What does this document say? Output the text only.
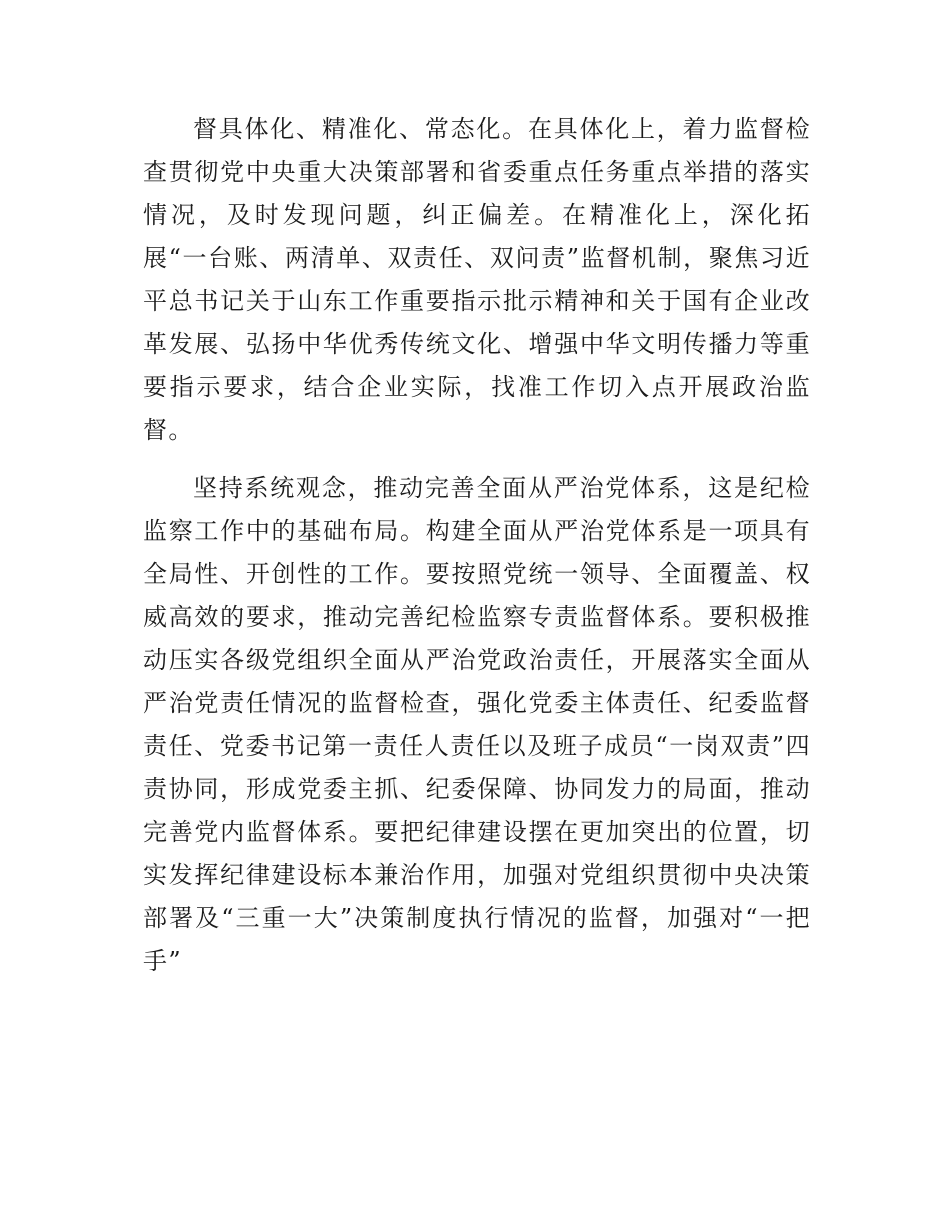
督具体化、精准化、常态化。在具体化上，着力监督检查贯彻党中央重大决策部署和省委重点任务重点举措的落实情况，及时发现问题，纠正偏差。在精准化上，深化拓展“一台账、两清单、双责任、双问责”监督机制，聚焦习近平总书记关于山东工作重要指示批示精神和关于国有企业改革发展、弘扬中华优秀传统文化、增强中华文明传播力等重要指示要求，结合企业实际，找准工作切入点开展政治监督。

坚持系统观念，推动完善全面从严治党体系，这是纪检监察工作中的基础布局。构建全面从严治党体系是一项具有全局性、开创性的工作。要按照党统一领导、全面覆盖、权威高效的要求，推动完善纪检监察专责监督体系。要积极推动压实各级党组织全面从严治党政治责任，开展落实全面从严治党责任情况的监督检查，强化党委主体责任、纪委监督责任、党委书记第一责任人责任以及班子成员“一岗双责”四责协同，形成党委主抓、纪委保障、协同发力的局面，推动完善党内监督体系。要把纪律建设摆在更加突出的位置，切实发挥纪律建设标本兼治作用，加强对党组织贯彻中央决策部署及“三重一大”决策制度执行情况的监督，加强对“一把手”
